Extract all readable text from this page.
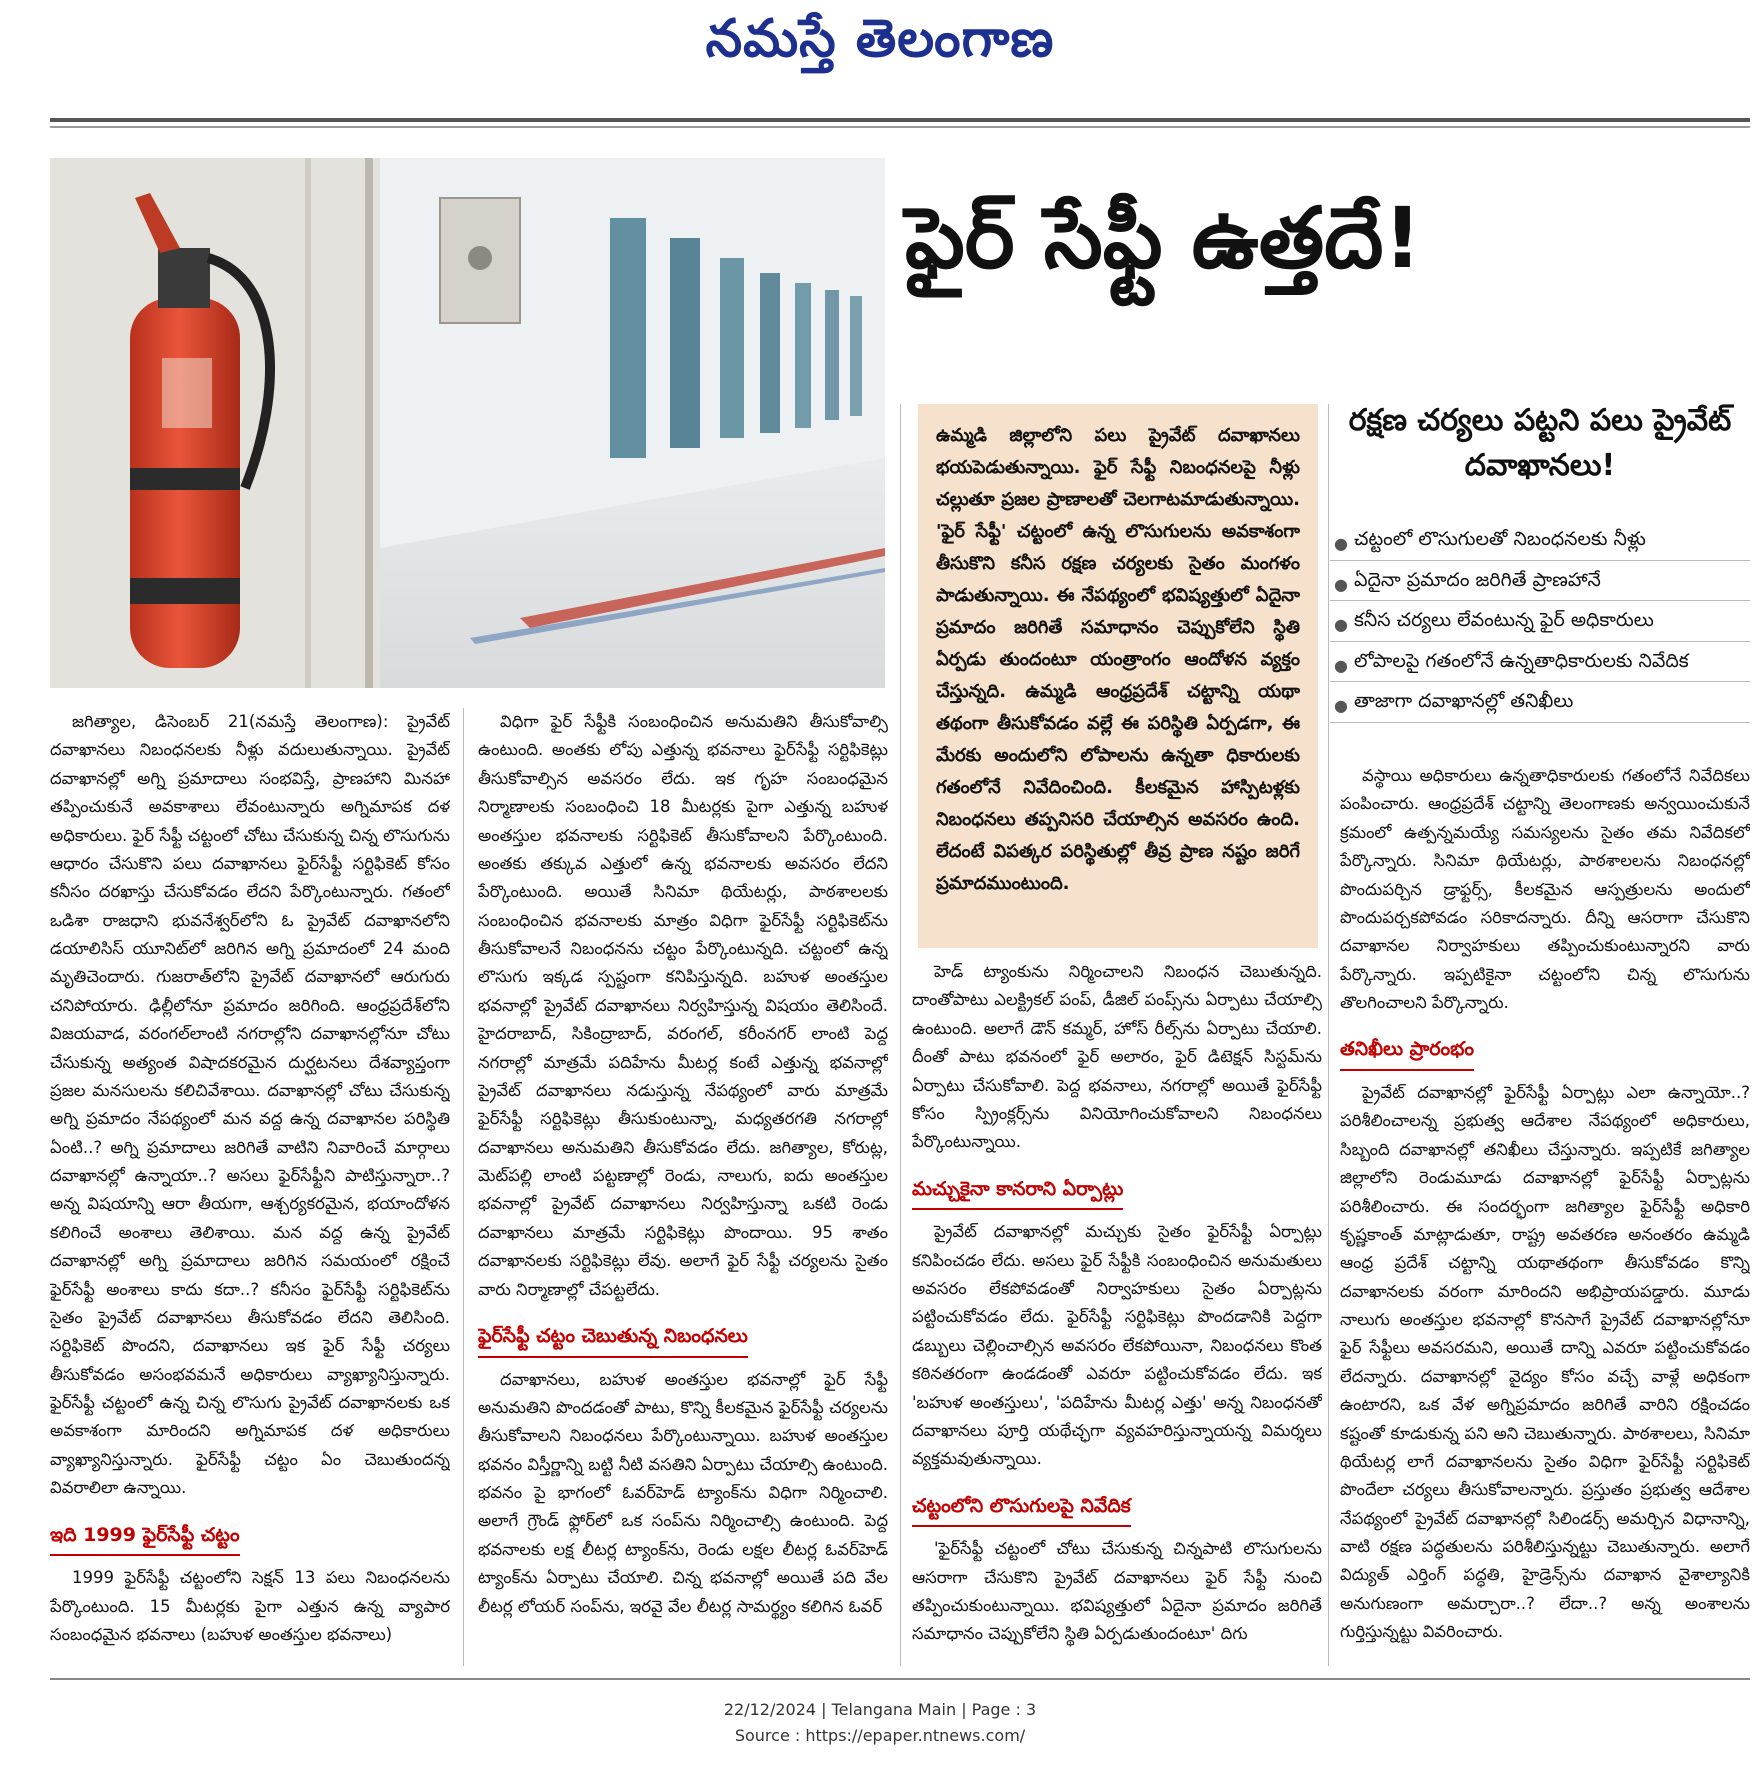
నమస్తే తెలంగాణ
ఫైర్ సేఫ్టీ ఉత్తదే!
ఉమ్మడి జిల్లాలోని పలు ప్రైవేట్ దవాఖానలు భయపెడుతున్నాయి. ఫైర్ సేఫ్టీ నిబంధనలపై నీళ్లు చల్లుతూ ప్రజల ప్రాణాలతో చెలగాటమాడుతున్నాయి. 'ఫైర్ సేఫ్టీ' చట్టంలో ఉన్న లొసుగులను అవకాశంగా తీసుకొని కనీస రక్షణ చర్యలకు సైతం మంగళం పాడుతున్నాయి. ఈ నేపథ్యంలో భవిష్యత్తులో ఏదైనా ప్రమాదం జరిగితే సమాధానం చెప్పుకోలేని స్థితి ఏర్పడు తుందంటూ యంత్రాంగం ఆందోళన వ్యక్తం చేస్తున్నది. ఉమ్మడి ఆంధ్రప్రదేశ్ చట్టాన్ని యథా తథంగా తీసుకోవడం వల్లే ఈ పరిస్థితి ఏర్పడగా, ఈ మేరకు అందులోని లోపాలను ఉన్నతా ధికారులకు గతంలోనే నివేదించింది. కీలకమైన హాస్పిటళ్లకు నిబంధనలు తప్పనిసరి చేయాల్సిన అవసరం ఉంది. లేదంటే విపత్కర పరిస్థితుల్లో తీవ్ర ప్రాణ నష్టం జరిగే ప్రమాదముంటుంది.
రక్షణ చర్యలు పట్టని పలు ప్రైవేట్ దవాఖానలు!
● చట్టంలో లొసుగులతో నిబంధనలకు నీళ్లు
● ఏదైనా ప్రమాదం జరిగితే ప్రాణహానే
● కనీస చర్యలు లేవంటున్న ఫైర్ అధికారులు
● లోపాలపై గతంలోనే ఉన్నతాధికారులకు నివేదిక
● తాజాగా దవాఖానల్లో తనిఖీలు

జగిత్యాల, డిసెంబర్ 21(నమస్తే తెలంగాణ): ప్రైవేట్ దవాఖానలు నిబంధనలకు నీళ్లు వదులుతున్నాయి. ప్రైవేట్ దవాఖానల్లో అగ్ని ప్రమాదాలు సంభవిస్తే, ప్రాణహాని మినహా తప్పించుకునే అవకాశాలు లేవంటున్నారు అగ్నిమాపక దళ అధికారులు. ఫైర్ సేఫ్టీ చట్టంలో చోటు చేసుకున్న చిన్న లొసుగును ఆధారం చేసుకొని పలు దవాఖానలు ఫైర్‌సేఫ్టీ సర్టిఫికెట్ కోసం కనీసం దరఖాస్తు చేసుకోవడం లేదని పేర్కొంటున్నారు. గతంలో ఒడిశా రాజధాని భువనేశ్వర్‌లోని ఓ ప్రైవేట్ దవాఖానలోని డయాలిసిస్ యూనిట్‌లో జరిగిన అగ్ని ప్రమాదంలో 24 మంది మృతిచెందారు. గుజరాత్‌లోని ప్రైవేట్ దవాఖానలో ఆరుగురు చనిపోయారు. ఢిల్లీలోనూ ప్రమాదం జరిగింది. ఆంధ్రప్రదేశ్‌లోని విజయవాడ, వరంగల్‌లాంటి నగరాల్లోని దవాఖానల్లోనూ చోటు చేసుకున్న అత్యంత విషాదకరమైన దుర్ఘటనలు దేశవ్యాప్తంగా ప్రజల మనసులను కలిచివేశాయి. దవాఖానల్లో చోటు చేసుకున్న అగ్ని ప్రమాదం నేపథ్యంలో మన వద్ద ఉన్న దవాఖానల పరిస్థితి ఏంటి..? అగ్ని ప్రమాదాలు జరిగితే వాటిని నివారించే మార్గాలు దవాఖానల్లో ఉన్నాయా..? అసలు ఫైర్‌సేఫ్టీని పాటిస్తున్నారా..? అన్న విషయాన్ని ఆరా తీయగా, ఆశ్చర్యకరమైన, భయాందోళన కలిగించే అంశాలు తెలిశాయి. మన వద్ద ఉన్న ప్రైవేట్ దవాఖానల్లో అగ్ని ప్రమాదాలు జరిగిన సమయంలో రక్షించే ఫైర్‌సేఫ్టీ అంశాలు కాదు కదా..? కనీసం ఫైర్‌సేఫ్టీ సర్టిఫికెట్‌ను సైతం ప్రైవేట్ దవాఖానలు తీసుకోవడం లేదని తెలిసింది. సర్టిఫికెట్ పొందని, దవాఖానలు ఇక ఫైర్ సేఫ్టీ చర్యలు తీసుకోవడం అసంభవమనే అధికారులు వ్యాఖ్యానిస్తున్నారు. ఫైర్‌సేఫ్టీ చట్టంలో ఉన్న చిన్న లొసుగు ప్రైవేట్ దవాఖానలకు ఒక అవకాశంగా మారిందని అగ్నిమాపక దళ అధికారులు వ్యాఖ్యానిస్తున్నారు. ఫైర్‌సేఫ్టీ చట్టం ఏం చెబుతుందన్న వివరాలిలా ఉన్నాయి.

ఇది 1999 ఫైర్‌సేఫ్టీ చట్టం

1999 ఫైర్‌సేఫ్టీ చట్టంలోని సెక్షన్ 13 పలు నిబంధనలను పేర్కొంటుంది. 15 మీటర్లకు పైగా ఎత్తున ఉన్న వ్యాపార సంబంధమైన భవనాలు (బహుళ అంతస్తుల భవనాలు)

విధిగా ఫైర్ సేఫ్టీకి సంబంధించిన అనుమతిని తీసుకోవాల్సి ఉంటుంది. అంతకు లోపు ఎత్తున్న భవనాలు ఫైర్‌సేఫ్టీ సర్టిఫికెట్లు తీసుకోవాల్సిన అవసరం లేదు. ఇక గృహ సంబంధమైన నిర్మాణాలకు సంబంధించి 18 మీటర్లకు పైగా ఎత్తున్న బహుళ అంతస్తుల భవనాలకు సర్టిఫికెట్ తీసుకోవాలని పేర్కొంటుంది. అంతకు తక్కువ ఎత్తులో ఉన్న భవనాలకు అవసరం లేదని పేర్కొంటుంది. అయితే సినిమా థియేటర్లు, పాఠశాలలకు సంబంధించిన భవనాలకు మాత్రం విధిగా ఫైర్‌సేఫ్టీ సర్టిఫికెట్‌ను తీసుకోవాలనే నిబంధనను చట్టం పేర్కొంటున్నది. చట్టంలో ఉన్న లొసుగు ఇక్కడ స్పష్టంగా కనిపిస్తున్నది. బహుళ అంతస్తుల భవనాల్లో ప్రైవేట్ దవాఖానలు నిర్వహిస్తున్న విషయం తెలిసిందే. హైదరాబాద్, సికింద్రాబాద్, వరంగల్, కరీంనగర్ లాంటి పెద్ద నగరాల్లో మాత్రమే పదిహేను మీటర్ల కంటే ఎత్తున్న భవనాల్లో ప్రైవేట్ దవాఖానలు నడుస్తున్న నేపథ్యంలో వారు మాత్రమే ఫైర్‌సేఫ్టీ సర్టిఫికెట్లు తీసుకుంటున్నా, మధ్యతరగతి నగరాల్లో దవాఖానలు అనుమతిని తీసుకోవడం లేదు. జగిత్యాల, కోరుట్ల, మెట్‌పల్లి లాంటి పట్టణాల్లో రెండు, నాలుగు, ఐదు అంతస్తుల భవనాల్లో ప్రైవేట్ దవాఖానలు నిర్వహిస్తున్నా ఒకటి రెండు దవాఖానలు మాత్రమే సర్టిఫికెట్లు పొందాయి. 95 శాతం దవాఖానలకు సర్టిఫికెట్లు లేవు. అలాగే ఫైర్ సేఫ్టీ చర్యలను సైతం వారు నిర్మాణాల్లో చేపట్టలేదు.

ఫైర్‌సేఫ్టీ చట్టం చెబుతున్న నిబంధనలు

దవాఖానలు, బహుళ అంతస్తుల భవనాల్లో ఫైర్ సేఫ్టీ అనుమతిని పొందడంతో పాటు, కొన్ని కీలకమైన ఫైర్‌సేఫ్టీ చర్యలను తీసుకోవాలని నిబంధనలు పేర్కొంటున్నాయి. బహుళ అంతస్తుల భవనం విస్తీర్ణాన్ని బట్టి నీటి వసతిని ఏర్పాటు చేయాల్సి ఉంటుంది. భవనం పై భాగంలో ఓవర్‌హెడ్ ట్యాంక్‌ను విధిగా నిర్మించాలి. అలాగే గ్రౌండ్ ఫ్లోర్‌లో ఒక సంప్‌ను నిర్మించాల్సి ఉంటుంది. పెద్ద భవనాలకు లక్ష లీటర్ల ట్యాంక్‌ను, రెండు లక్షల లీటర్ల ఓవర్‌హెడ్ ట్యాంక్‌ను ఏర్పాటు చేయాలి. చిన్న భవనాల్లో అయితే పది వేల లీటర్ల లోయర్ సంప్‌ను, ఇరవై వేల లీటర్ల సామర్థ్యం కలిగిన ఓవర్

హెడ్ ట్యాంకును నిర్మించాలని నిబంధన చెబుతున్నది. దాంతోపాటు ఎలక్ట్రికల్ పంప్, డీజిల్ పంప్స్‌ను ఏర్పాటు చేయాల్సి ఉంటుంది. అలాగే డౌన్ కమ్మర్, హోస్ రీల్స్‌ను ఏర్పాటు చేయాలి. దీంతో పాటు భవనంలో ఫైర్ అలారం, ఫైర్ డిటెక్షన్ సిస్టమ్‌ను ఏర్పాటు చేసుకోవాలి. పెద్ద భవనాలు, నగరాల్లో అయితే ఫైర్‌సేఫ్టీ కోసం స్ప్రింక్లర్స్‌ను వినియోగించుకోవాలని నిబంధనలు పేర్కొంటున్నాయి.

మచ్చుకైనా కానరాని ఏర్పాట్లు

ప్రైవేట్ దవాఖానల్లో మచ్చుకు సైతం ఫైర్‌సేఫ్టీ ఏర్పాట్లు కనిపించడం లేదు. అసలు ఫైర్ సేఫ్టీకి సంబంధించిన అనుమతులు అవసరం లేకపోవడంతో నిర్వాహకులు సైతం ఏర్పాట్లను పట్టించుకోవడం లేదు. ఫైర్‌సేఫ్టీ సర్టిఫికెట్లు పొందడానికి పెద్దగా డబ్బులు చెల్లించాల్సిన అవసరం లేకపోయినా, నిబంధనలు కొంత కఠినతరంగా ఉండడంతో ఎవరూ పట్టించుకోవడం లేదు. ఇక 'బహుళ అంతస్తులు', 'పదిహేను మీటర్ల ఎత్తు' అన్న నిబంధనతో దవాఖానలు పూర్తి యథేచ్ఛగా వ్యవహరిస్తున్నాయన్న విమర్శలు వ్యక్తమవుతున్నాయి.

చట్టంలోని లొసుగులపై నివేదిక

'ఫైర్‌సేఫ్టీ చట్టంలో చోటు చేసుకున్న చిన్నపాటి లొసుగులను ఆసరాగా చేసుకొని ప్రైవేట్ దవాఖానలు ఫైర్ సేఫ్టీ నుంచి తప్పించుకుంటున్నాయి. భవిష్యత్తులో ఏదైనా ప్రమాదం జరిగితే సమాధానం చెప్పుకోలేని స్థితి ఏర్పడుతుందంటూ' దిగు

వస్థాయి అధికారులు ఉన్నతాధికారులకు గతంలోనే నివేదికలు పంపించారు. ఆంధ్రప్రదేశ్ చట్టాన్ని తెలంగాణకు అన్వయించుకునే క్రమంలో ఉత్పన్నమయ్యే సమస్యలను సైతం తమ నివేదికలో పేర్కొన్నారు. సినిమా థియేటర్లు, పాఠశాలలను నిబంధనల్లో పొందుపర్చిన డ్రాఫ్టర్స్, కీలకమైన ఆస్పత్రులను అందులో పొందుపర్చకపోవడం సరికాదన్నారు. దీన్ని ఆసరాగా చేసుకొని దవాఖానల నిర్వాహకులు తప్పించుకుంటున్నారని వారు పేర్కొన్నారు. ఇప్పటికైనా చట్టంలోని చిన్న లొసుగును తొలగించాలని పేర్కొన్నారు.

తనిఖీలు ప్రారంభం

ప్రైవేట్ దవాఖానల్లో ఫైర్‌సేఫ్టీ ఏర్పాట్లు ఎలా ఉన్నాయో..? పరిశీలించాలన్న ప్రభుత్వ ఆదేశాల నేపథ్యంలో అధికారులు, సిబ్బంది దవాఖానల్లో తనిఖీలు చేస్తున్నారు. ఇప్పటికే జగిత్యాల జిల్లాలోని రెండుమూడు దవాఖానల్లో ఫైర్‌సేఫ్టీ ఏర్పాట్లను పరిశీలించారు. ఈ సందర్భంగా జగిత్యాల ఫైర్‌సేఫ్టీ అధికారి కృష్ణకాంత్ మాట్లాడుతూ, రాష్ట్ర అవతరణ అనంతరం ఉమ్మడి ఆంధ్ర ప్రదేశ్ చట్టాన్ని యథాతథంగా తీసుకోవడం కొన్ని దవాఖానలకు వరంగా మారిందని అభిప్రాయపడ్డారు. మూడు నాలుగు అంతస్తుల భవనాల్లో కొనసాగే ప్రైవేట్ దవాఖానల్లోనూ ఫైర్ సేఫ్టీలు అవసరమని, అయితే దాన్ని ఎవరూ పట్టించుకోవడం లేదన్నారు. దవాఖానల్లో వైద్యం కోసం వచ్చే వాళ్లే అధికంగా ఉంటారని, ఒక వేళ అగ్నిప్రమాదం జరిగితే వారిని రక్షించడం కష్టంతో కూడుకున్న పని అని చెబుతున్నారు. పాఠశాలలు, సినిమా థియేటర్ల లాగే దవాఖానలను సైతం విధిగా ఫైర్‌సేఫ్టీ సర్టిఫికెట్ పొందేలా చర్యలు తీసుకోవాలన్నారు. ప్రస్తుతం ప్రభుత్వ ఆదేశాల నేపథ్యంలో ప్రైవేట్ దవాఖానల్లో సిలిండర్స్ అమర్చిన విధానాన్ని, వాటి రక్షణ పద్ధతులను పరిశీలిస్తున్నట్టు చెబుతున్నారు. అలాగే విద్యుత్ ఎర్తింగ్ పద్ధతి, హైడ్రెన్స్‌ను దవాఖాన వైశాల్యానికి అనుగుణంగా అమర్చారా..? లేదా..? అన్న అంశాలను గుర్తిస్తున్నట్టు వివరించారు.

22/12/2024 | Telangana Main | Page : 3
Source : https://epaper.ntnews.com/
